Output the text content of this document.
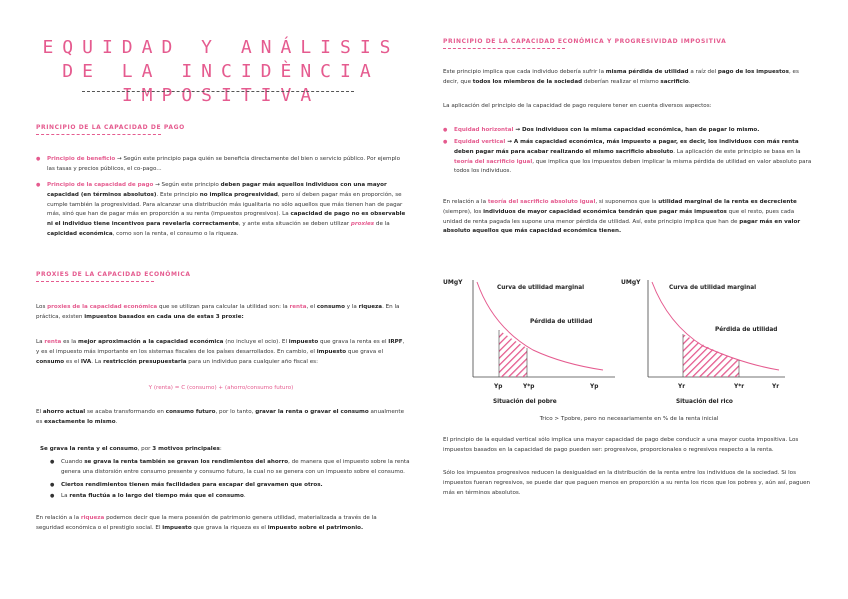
EQUIDAD Y ANÁLISIS DE LA INCIDÈNCIA IMPOSITIVA
PRINCIPIO DE LA CAPACIDAD DE PAGO

● Principio de beneficio → Según este principio paga quién se beneficia directamente del bien o servicio público. Por ejemplo las tasas y precios públicos, el co-pago...

● Principio de la capacidad de pago → Según este principio deben pagar más aquellos individuos con una mayor capacidad (en términos absolutos). Este principio no implica progresividad, pero sí deben pagar más en proporción, se cumple también la progresividad. Para alcanzar una distribución más igualitaria no sólo aquellos que más tienen han de pagar más, sinó que han de pagar más en proporción a su renta (impuestos progresivos). La capacidad de pago no es observable ni el individuo tiene incentivos para revelarla correctamente, y ante esta situación se deben utilizar proxies de la capicidad económica, como son la renta, el consumo o la riqueza.

PROXIES DE LA CAPACIDAD ECONÓMICA

Los proxies de la capacidad económica que se utilizan para calcular la utilidad son: la renta, el consumo y la riqueza. En la práctica, existen impuestos basados en cada una de estas 3 proxie:

La renta es la mejor aproximación a la capacidad económica (no incluye el ocio). El impuesto que grava la renta es el IRPF, y es el impuesto más importante en los sistemas fiscales de los países desarrollados. En cambio, el impuesto que grava el consumo es el IVA. La restricción presupuestaria para un individuo para cualquier año fiscal es:

Y (renta) = C (consumo) + (ahorro/consumo futuro)

El ahorro actual se acaba transformando en consumo futuro, por lo tanto, gravar la renta o gravar el consumo anualmente es exactamente lo mismo.

Se grava la renta y el consumo, por 3 motivos principales:

● Cuando se grava la renta también se gravan los rendimientos del ahorro, de manera que el impuesto sobre la renta genera una distorsión entre consumo presente y consumo futuro, la cual no se genera con un impuesto sobre el consumo.

● Ciertos rendimientos tienen más facilidades para escapar del gravamen que otros.

● La renta fluctúa a lo largo del tiempo más que el consumo.

En relación a la riqueza podemos decir que la mera posesión de patrimonio genera utilidad, materializada a través de la seguridad económica o el prestigio social. El impuesto que grava la riqueza es el impuesto sobre el patrimonio.

PRINCIPIO DE LA CAPACIDAD ECONÓMICA Y PROGRESIVIDAD IMPOSITIVA

Este principio implica que cada individuo debería sufrir la misma pérdida de utilidad a raíz del pago de los impuestos, es decir, que todos los miembros de la sociedad deberían realizar el mismo sacrificio.

La aplicación del principio de la capacidad de pago requiere tener en cuenta diversos aspectos:

● Equidad horizontal → Dos individuos con la misma capacidad económica, han de pagar lo mismo.

● Equidad vertical → A más capacidad económica, más impuesto a pagar, es decir, los individuos con más renta deben pagar más para acabar realizando el mismo sacrificio absoluto. La aplicación de este principio se basa en la teoría del sacrificio igual, que implica que los impuestos deben implicar la misma pérdida de utilidad en valor absoluto para todos los individuos.

En relación a la teoría del sacrificio absoluto igual, si suponemos que la utilidad marginal de la renta es decreciente (siempre), los individuos de mayor capacidad económica tendrán que pagar más impuestos que el resto, pues cada unidad de renta pagada les supone una menor pérdida de utilidad. Así, este principio implica que han de pagar más en valor absoluto aquellos que más capacidad económica tienen.

UMgY
Curva de utilidad marginal
Pérdida de utilidad
Yp	Y*p	Yp
Situación del pobre
UMgY
Curva de utilidad marginal
Pérdida de utilidad
Yr	Y*r	Yr
Situación del rico

Trico > Tpobre, pero no necesariamente en % de la renta inicial

El principio de la equidad vertical sólo implica una mayor capacidad de pago debe conducir a una mayor cuota impositiva. Los impuestos basados en la capacidad de pago pueden ser: progresivos, proporcionales o regresivos respecto a la renta.

Sólo los impuestos progresivos reducen la desigualdad en la distribución de la renta entre los individuos de la sociedad. Si los impuestos fueran regresivos, se puede dar que paguen menos en proporción a su renta los ricos que los pobres y, aún así, paguen más en términos absolutos.
